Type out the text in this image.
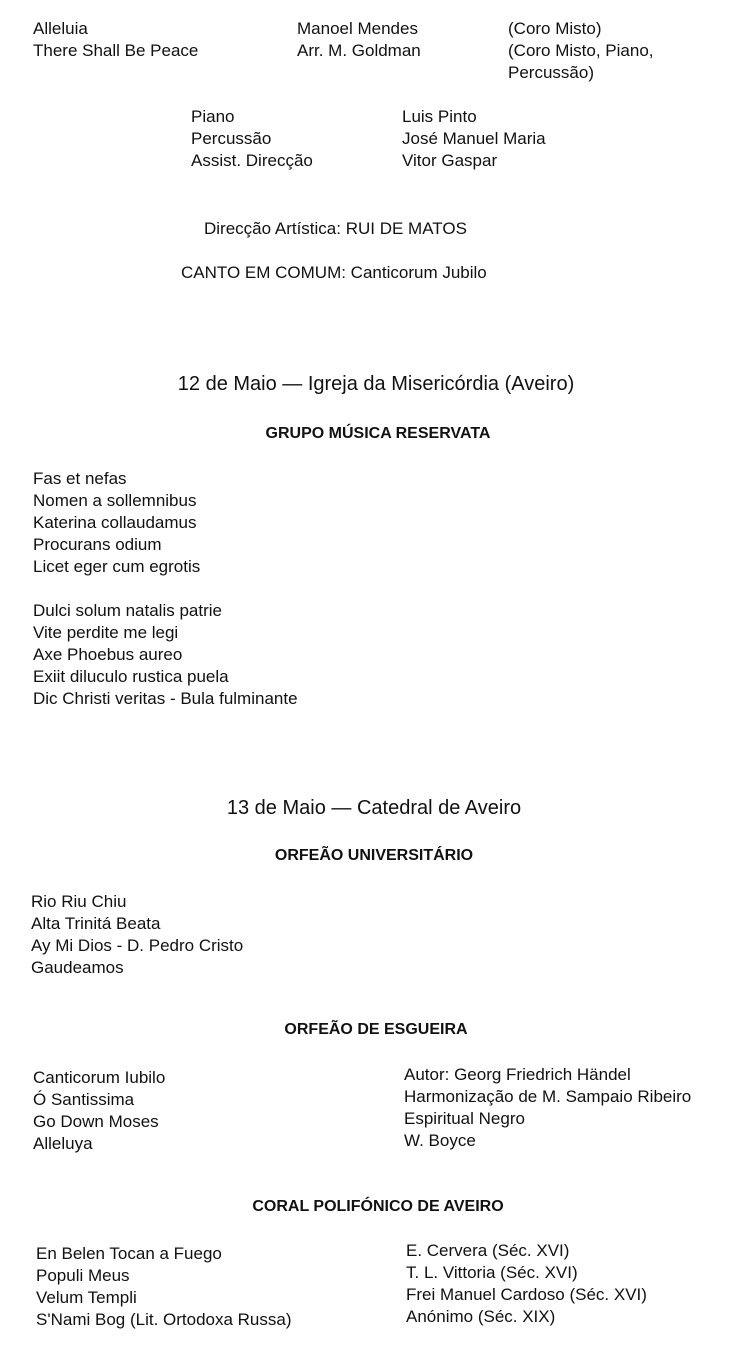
Alleluia
There Shall Be Peace
Manoel Mendes
Arr. M. Goldman
(Coro Misto)
(Coro Misto, Piano,
Percussão)
Piano
Percussão
Assist. Direcção
Luis Pinto
José Manuel Maria
Vitor Gaspar
Direcção Artística: RUI DE MATOS
CANTO EM COMUM: Canticorum Jubilo
12 de Maio — Igreja da Misericórdia (Aveiro)
GRUPO MÚSICA RESERVATA
Fas et nefas
Nomen a sollemnibus
Katerina collaudamus
Procurans odium
Licet eger cum egrotis
Dulci solum natalis patrie
Vite perdite me legi
Axe Phoebus aureo
Exiit diluculo rustica puela
Dic Christi veritas - Bula fulminante
13 de Maio — Catedral de Aveiro
ORFEÃO UNIVERSITÁRIO
Rio Riu Chiu
Alta Trinitá Beata
Ay Mi Dios - D. Pedro Cristo
Gaudeamos
ORFEÃO DE ESGUEIRA
Canticorum Iubilo
Ó Santissima
Go Down Moses
Alleluya
Autor: Georg Friedrich Händel
Harmonização de M. Sampaio Ribeiro
Espiritual Negro
W. Boyce
CORAL POLIFÓNICO DE AVEIRO
En Belen Tocan a Fuego
Populi Meus
Velum Templi
S'Nami Bog (Lit. Ortodoxa Russa)
E. Cervera (Séc. XVI)
T. L. Vittoria (Séc. XVI)
Frei Manuel Cardoso (Séc. XVI)
Anónimo (Séc. XIX)
